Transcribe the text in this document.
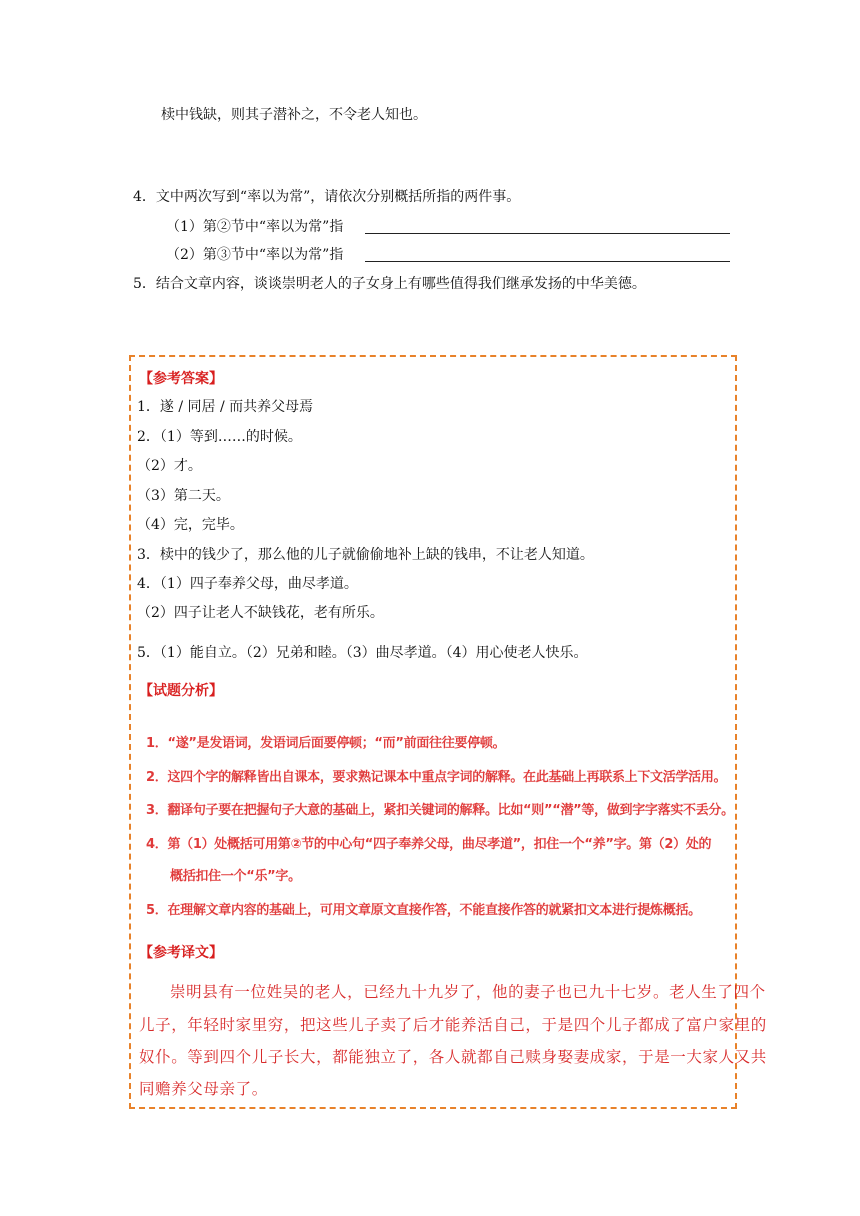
椟中钱缺，则其子潜补之，不令老人知也。
4．文中两次写到“率以为常”，请依次分别概括所指的两件事。
（1）第②节中“率以为常”指
（2）第③节中“率以为常”指
5．结合文章内容，谈谈崇明老人的子女身上有哪些值得我们继承发扬的中华美德。
【参考答案】
1．遂 / 同居 / 而共养父母焉
2．（1）等到……的时候。
（2）才。
（3）第二天。
（4）完，完毕。
3．椟中的钱少了，那么他的儿子就偷偷地补上缺的钱串，不让老人知道。
4．（1）四子奉养父母，曲尽孝道。
（2）四子让老人不缺钱花，老有所乐。
5．（1）能自立。（2）兄弟和睦。（3）曲尽孝道。（4）用心使老人快乐。
【试题分析】
1．“遂”是发语词，发语词后面要停顿；“而”前面往往要停顿。
2．这四个字的解释皆出自课本，要求熟记课本中重点字词的解释。在此基础上再联系上下文活学活用。
3．翻译句子要在把握句子大意的基础上，紧扣关键词的解释。比如“则”“潜”等，做到字字落实不丢分。
4．第（1）处概括可用第②节的中心句“四子奉养父母，曲尽孝道”，扣住一个“养”字。第（2）处的
概括扣住一个“乐”字。
5．在理解文章内容的基础上，可用文章原文直接作答，不能直接作答的就紧扣文本进行提炼概括。
【参考译文】
崇明县有一位姓吴的老人，已经九十九岁了，他的妻子也已九十七岁。老人生了四个
儿子，年轻时家里穷，把这些儿子卖了后才能养活自己，于是四个儿子都成了富户家里的
奴仆。等到四个儿子长大，都能独立了，各人就都自己赎身娶妻成家，于是一大家人又共
同赡养父母亲了。
